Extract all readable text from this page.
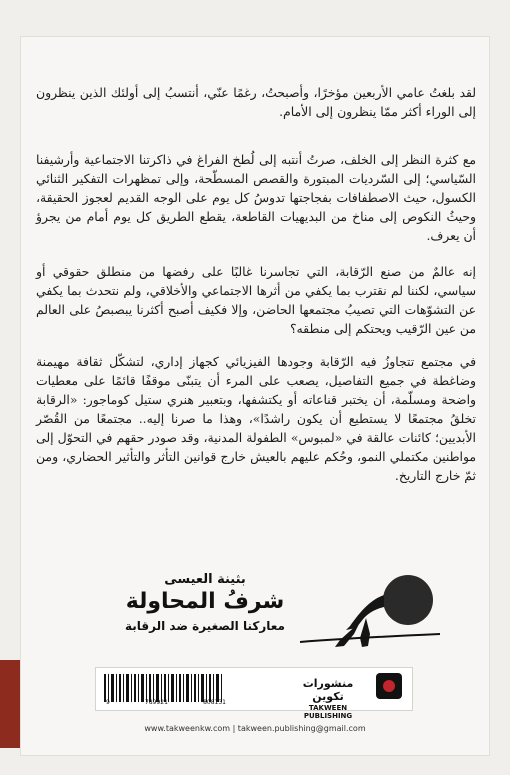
لقد بلغتُ عامي الأربعين مؤخرًا، وأصبحتُ، رغمًا عنّي، أنتسبُ إلى أولئك الذين ينظرون إلى الوراء أكثر ممّا ينظرون إلى الأمام.
مع كثرة النظر إلى الخلف، صرتُ أنتبه إلى لُطخ الفراغ في ذاكرتنا الاجتماعية وأرشيفنا السّياسي؛ إلى السّرديات المبتورة والقصص المسطّحة، وإلى تمظهرات التفكير الثنائي الكسول، حيث الاصطفافات بفجاجتها تدوسُ كل يوم على الوجه القديم لعجوز الحقيقة، وحيثُ النكوص إلى مناخ من البديهيات القاطعة، يقطع الطريق كل يوم أمام من يجرؤ أن يعرف.
إنه عالمٌ من صنع الرّقابة، التي تجاسرنا غالبًا على رفضها من منطلق حقوقي أو سياسي، لكننا لم نقترب بما يكفي من أثرها الاجتماعي والأخلاقي، ولم نتحدث بما يكفي عن التشوّهات التي تصيبُ مجتمعها الحاضن، وإلا فكيف أصبح أكثرنا يبصبصُ على العالم من عين الرّقيب ويحتكم إلى منطقه؟
في مجتمع تتجاوزُ فيه الرّقابة وجودها الفيزيائي كجهاز إداري، لتشكّل ثقافة مهيمنة وضاغطة في جميع التفاصيل، يصعب على المرء أن يتبنّى موقفًا قائمًا على معطيات واضحة ومسلّمة، أن يختبر قناعاته أو يكتشفها، وبتعبير هنري ستيل كوماجور: «الرقابة تخلقُ مجتمعًا لا يستطيع أن يكون راشدًا»، وهذا ما صرنا إليه.. مجتمعًا من القُصّر الأبديين؛ كائنات عالقة في «لمبوس» الطفولة المدنية، وقد صودر حقهم في التحوّل إلى مواطنين مكتملي النمو، وحُكم عليهم بالعيش خارج قوانين التأثر والتأثير الحضاري، ومن ثمّ خارج التاريخ.
بثينة العيسى
شرفُ المحاولة
معاركنا الصغيرة ضد الرقابة
9	789921	808131
منشورات تكوين
TAKWEEN PUBLISHING
www.takweenkw.com | takween.publishing@gmail.com
